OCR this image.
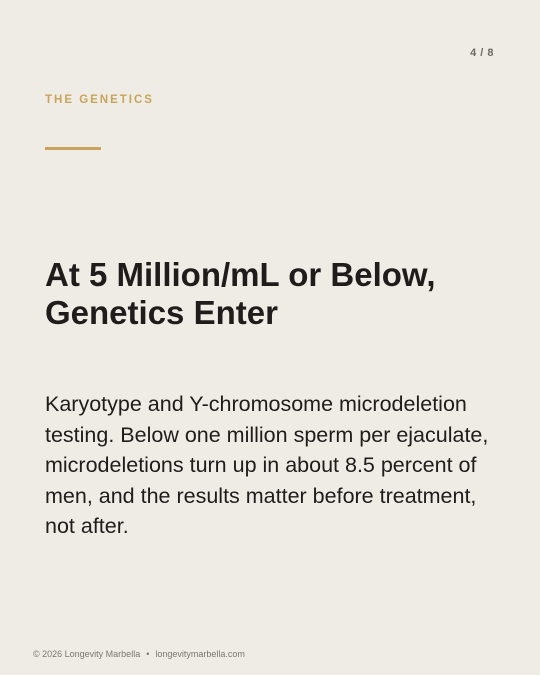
4 / 8
THE GENETICS
At 5 Million/mL or Below, Genetics Enter

Karyotype and Y-chromosome microdeletion testing. Below one million sperm per ejaculate, microdeletions turn up in about 8.5 percent of men, and the results matter before treatment, not after.

© 2026 Longevity Marbella • longevitymarbella.com
